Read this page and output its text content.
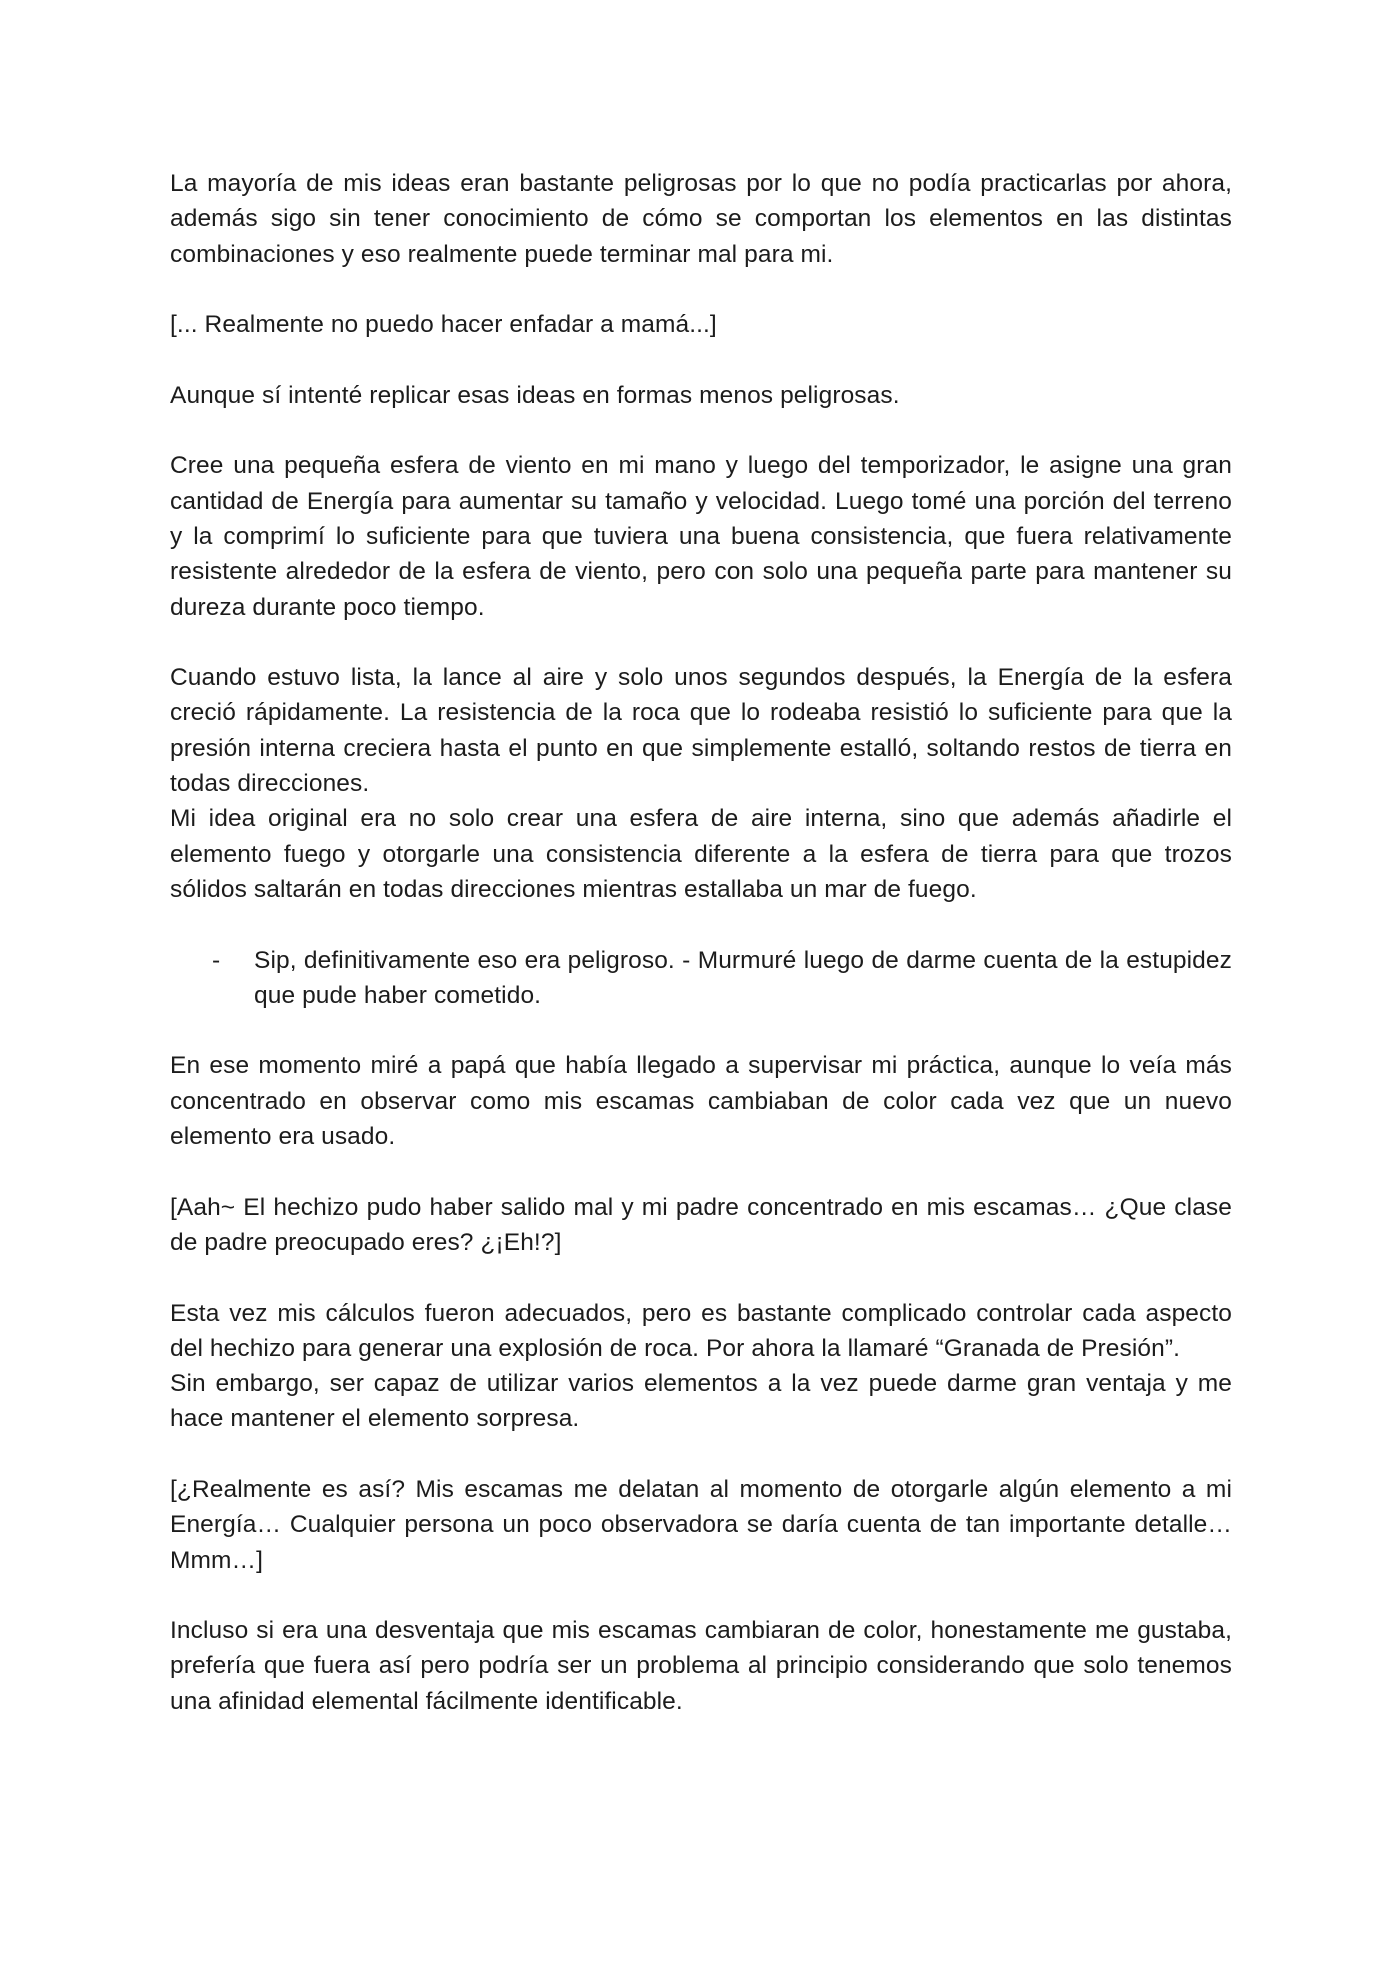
La mayoría de mis ideas eran bastante peligrosas por lo que no podía practicarlas por ahora, además sigo sin tener conocimiento de cómo se comportan los elementos en las distintas combinaciones y eso realmente puede terminar mal para mi.

[... Realmente no puedo hacer enfadar a mamá...]

Aunque sí intenté replicar esas ideas en formas menos peligrosas.

Cree una pequeña esfera de viento en mi mano y luego del temporizador, le asigne una gran cantidad de Energía para aumentar su tamaño y velocidad. Luego tomé una porción del terreno y la comprimí lo suficiente para que tuviera una buena consistencia, que fuera relativamente resistente alrededor de la esfera de viento, pero con solo una pequeña parte para mantener su dureza durante poco tiempo.

Cuando estuvo lista, la lance al aire y solo unos segundos después, la Energía de la esfera creció rápidamente. La resistencia de la roca que lo rodeaba resistió lo suficiente para que la presión interna creciera hasta el punto en que simplemente estalló, soltando restos de tierra en todas direcciones.

Mi idea original era no solo crear una esfera de aire interna, sino que además añadirle el elemento fuego y otorgarle una consistencia diferente a la esfera de tierra para que trozos sólidos saltarán en todas direcciones mientras estallaba un mar de fuego.

- Sip, definitivamente eso era peligroso. - Murmuré luego de darme cuenta de la estupidez que pude haber cometido.

En ese momento miré a papá que había llegado a supervisar mi práctica, aunque lo veía más concentrado en observar como mis escamas cambiaban de color cada vez que un nuevo elemento era usado.

[Aah~ El hechizo pudo haber salido mal y mi padre concentrado en mis escamas… ¿Que clase de padre preocupado eres? ¿¡Eh!?]

Esta vez mis cálculos fueron adecuados, pero es bastante complicado controlar cada aspecto del hechizo para generar una explosión de roca. Por ahora la llamaré “Granada de Presión”.

Sin embargo, ser capaz de utilizar varios elementos a la vez puede darme gran ventaja y me hace mantener el elemento sorpresa.

[¿Realmente es así? Mis escamas me delatan al momento de otorgarle algún elemento a mi Energía… Cualquier persona un poco observadora se daría cuenta de tan importante detalle… Mmm…]

Incluso si era una desventaja que mis escamas cambiaran de color, honestamente me gustaba, prefería que fuera así pero podría ser un problema al principio considerando que solo tenemos una afinidad elemental fácilmente identificable.
